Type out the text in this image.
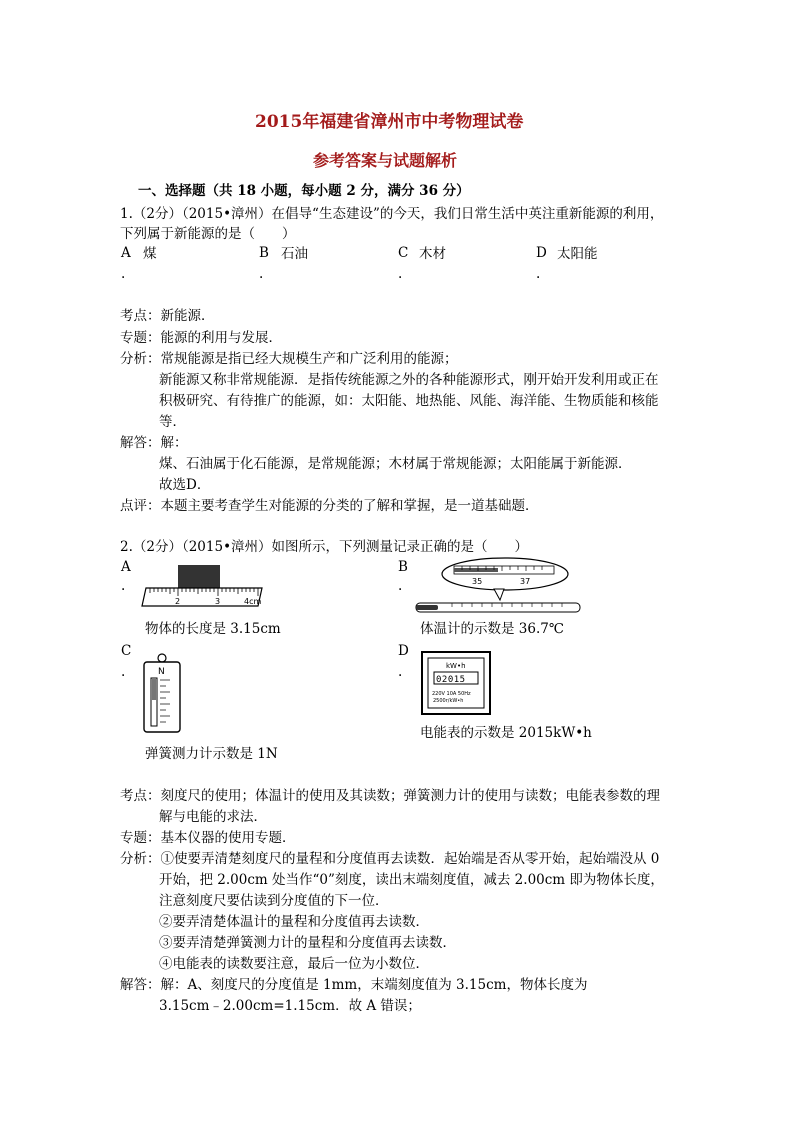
2015年福建省漳州市中考物理试卷
参考答案与试题解析
一、选择题（共 18 小题，每小题 2 分，满分 36 分）
1.（2分）（2015•漳州）在倡导“生态建设”的今天，我们日常生活中英注重新能源的利用，
下列属于新能源的是（　　）
A 煤
.
B 石油
.
C 木材
.
D 太阳能
.
考点：新能源．
专题：能源的利用与发展．
分析：常规能源是指已经大规模生产和广泛利用的能源；
新能源又称非常规能源．是指传统能源之外的各种能源形式，刚开始开发利用或正在
积极研究、有待推广的能源，如：太阳能、地热能、风能、海洋能、生物质能和核能
等．
解答：解：
煤、石油属于化石能源，是常规能源；木材属于常规能源；太阳能属于新能源．
故选D．
点评：本题主要考查学生对能源的分类的了解和掌握，是一道基础题．
2.（2分）（2015•漳州）如图所示，下列测量记录正确的是（　　）
A
.
2	3	4cm
物体的长度是 3.15cm
B
.	35	37
体温计的示数是 36.7℃
C
.	N
弹簧测力计示数是 1N
D
.	kW•h
02015
220V 10A 50Hz
2500r/kW•h
电能表的示数是 2015kW•h
考点：刻度尺的使用；体温计的使用及其读数；弹簧测力计的使用与读数；电能表参数的理
解与电能的求法．
专题：基本仪器的使用专题．
分析：①使要弄清楚刻度尺的量程和分度值再去读数．起始端是否从零开始，起始端没从 0
开始，把 2.00cm 处当作“0”刻度，读出末端刻度值，减去 2.00cm 即为物体长度，
注意刻度尺要估读到分度值的下一位．
②要弄清楚体温计的量程和分度值再去读数．
③要弄清楚弹簧测力计的量程和分度值再去读数．
④电能表的读数要注意，最后一位为小数位．
解答：解：A、刻度尺的分度值是 1mm，末端刻度值为 3.15cm，物体长度为
3.15cm﹣2.00cm=1.15cm．故 A 错误；
